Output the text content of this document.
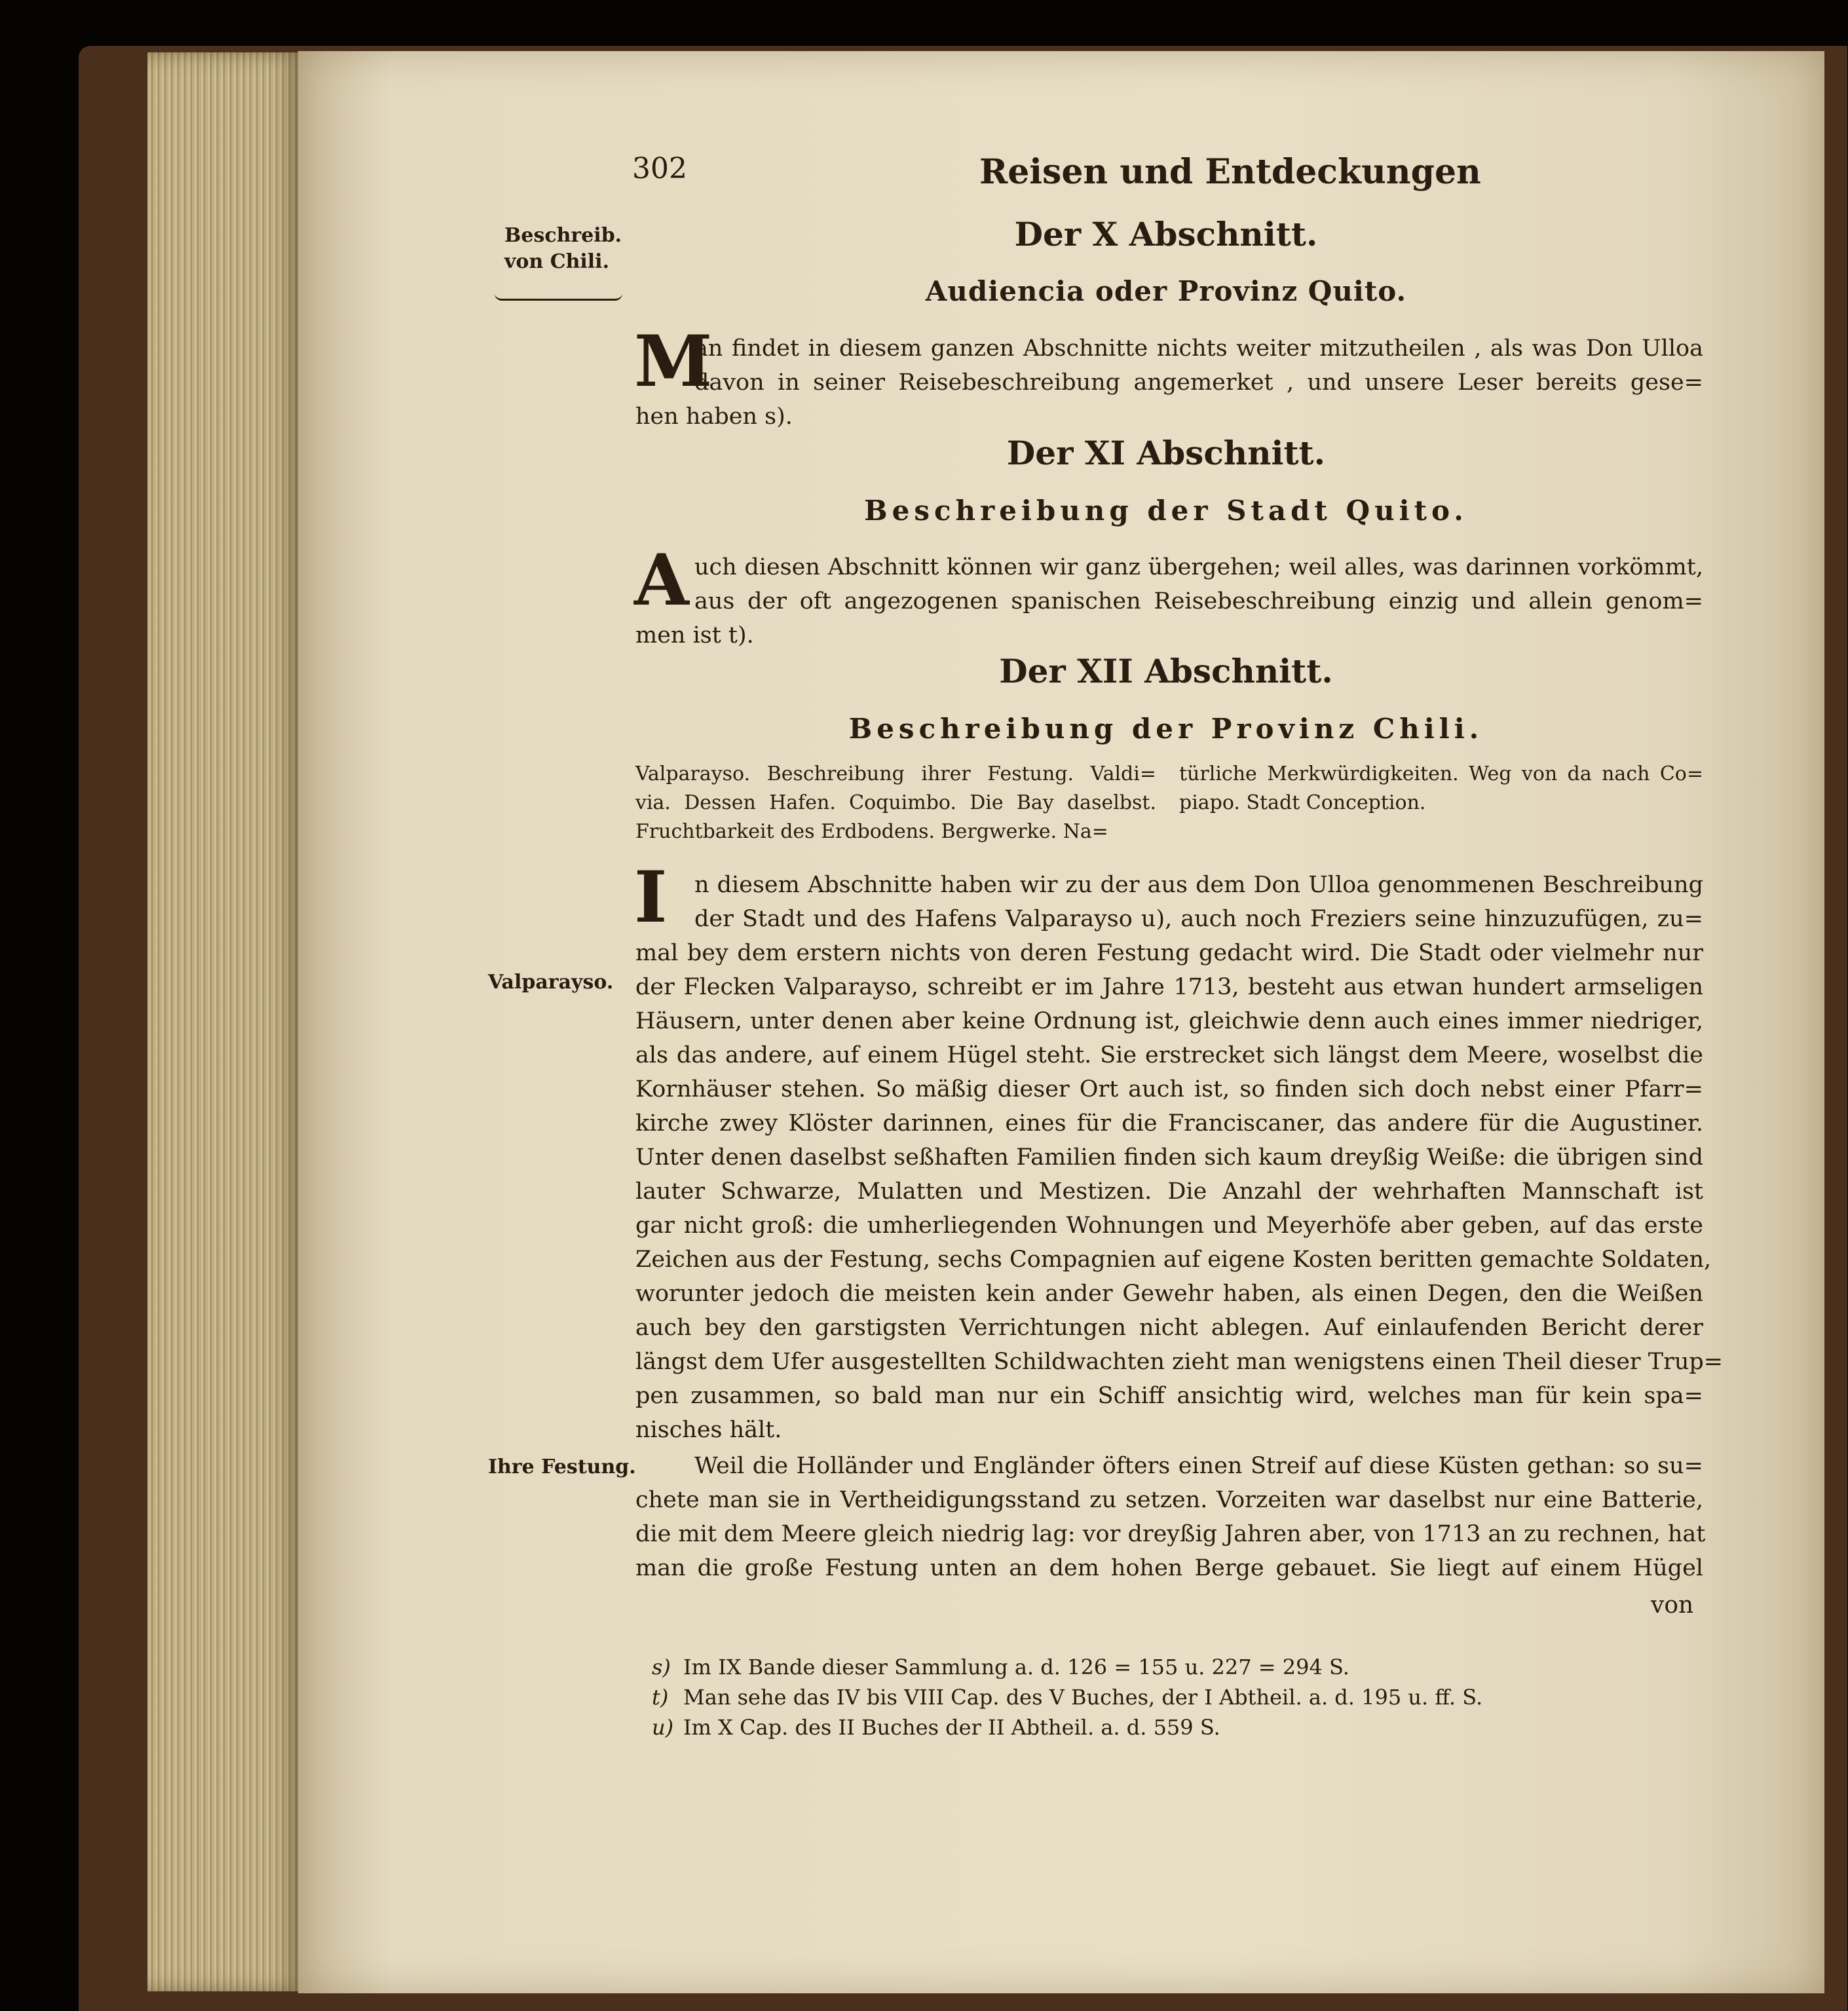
302	Reisen und Entdeckungen
Beschreib.
von Chili.
Valparayso.
Ihre Festung.
Der X Abschnitt.
Audiencia oder Provinz Quito.
M
an findet in diesem ganzen Abschnitte nichts weiter mitzutheilen , als was Don Ulloa
davon in seiner Reisebeschreibung angemerket , und unsere Leser bereits gese=
hen haben s).
Der XI Abschnitt.
Beschreibung der Stadt Quito.
A uch diesen Abschnitt können wir ganz übergehen; weil alles, was darinnen vorkömmt,
aus der oft angezogenen spanischen Reisebeschreibung einzig und allein genom=
men ist t).
Der XII Abschnitt.
Beschreibung der Provinz Chili.
Valparayso. Beschreibung ihrer Festung. Valdi=
via. Dessen Hafen. Coquimbo. Die Bay daselbst.
Fruchtbarkeit des Erdbodens. Bergwerke. Na=
türliche Merkwürdigkeiten. Weg von da nach Co=
piapo. Stadt Conception.
I	n diesem Abschnitte haben wir zu der aus dem Don Ulloa genommenen Beschreibung
der Stadt und des Hafens Valparayso u), auch noch Freziers seine hinzuzufügen, zu=
mal bey dem erstern nichts von deren Festung gedacht wird. Die Stadt oder vielmehr nur
der Flecken Valparayso, schreibt er im Jahre 1713, besteht aus etwan hundert armseligen
Häusern, unter denen aber keine Ordnung ist, gleichwie denn auch eines immer niedriger,
als das andere, auf einem Hügel steht. Sie erstrecket sich längst dem Meere, woselbst die
Kornhäuser stehen. So mäßig dieser Ort auch ist, so finden sich doch nebst einer Pfarr=
kirche zwey Klöster darinnen, eines für die Franciscaner, das andere für die Augustiner.
Unter denen daselbst seßhaften Familien finden sich kaum dreyßig Weiße: die übrigen sind
lauter Schwarze, Mulatten und Mestizen. Die Anzahl der wehrhaften Mannschaft ist
gar nicht groß: die umherliegenden Wohnungen und Meyerhöfe aber geben, auf das erste
Zeichen aus der Festung, sechs Compagnien auf eigene Kosten beritten gemachte Soldaten,
worunter jedoch die meisten kein ander Gewehr haben, als einen Degen, den die Weißen
auch bey den garstigsten Verrichtungen nicht ablegen. Auf einlaufenden Bericht derer
längst dem Ufer ausgestellten Schildwachten zieht man wenigstens einen Theil dieser Trup=
pen zusammen, so bald man nur ein Schiff ansichtig wird, welches man für kein spa=
nisches hält.
Weil die Holländer und Engländer öfters einen Streif auf diese Küsten gethan: so su=
chete man sie in Vertheidigungsstand zu setzen. Vorzeiten war daselbst nur eine Batterie,
die mit dem Meere gleich niedrig lag: vor dreyßig Jahren aber, von 1713 an zu rechnen, hat
man die große Festung unten an dem hohen Berge gebauet. Sie liegt auf einem Hügel
von
s) Im IX Bande dieser Sammlung a. d. 126 = 155 u. 227 = 294 S.
t) Man sehe das IV bis VIII Cap. des V Buches, der I Abtheil. a. d. 195 u. ff. S.
u) Im X Cap. des II Buches der II Abtheil. a. d. 559 S.
